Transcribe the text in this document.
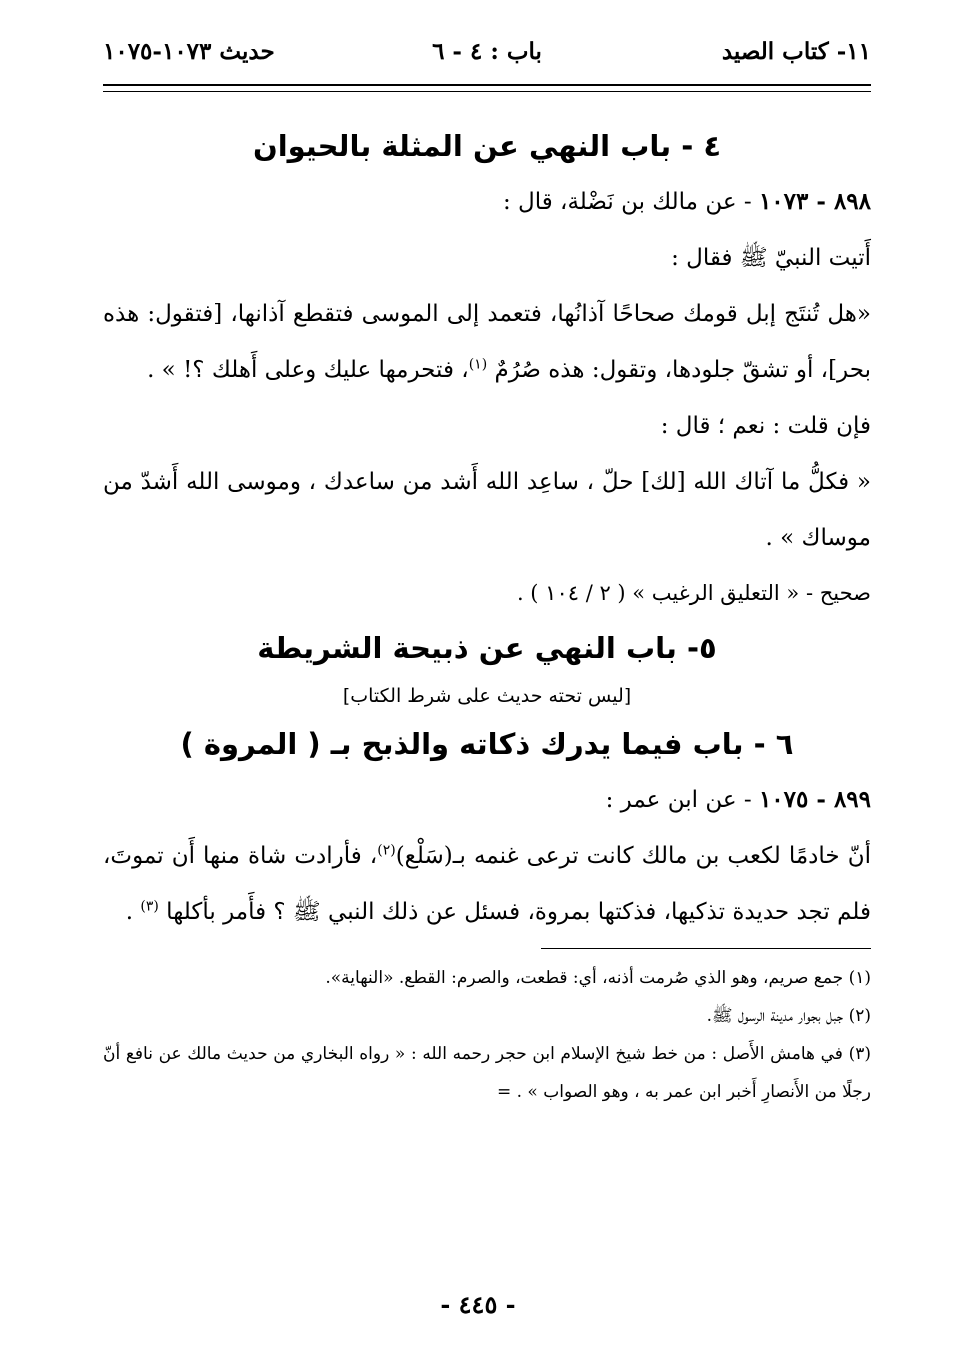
١١- كتاب الصيد
باب : ٤ - ٦
حديث ١٠٧٣-١٠٧٥
٤ - باب النهي عن المثلة بالحيوان

٨٩٨ - ١٠٧٣ - عن مالك بن نَضْلة، قال :

أَتيت النبيّ ﷺ فقال :

«هل تُنتَج إبل قومك صحاحًا آذانُها، فتعمد إلى الموسى فتقطع آذانها، [فتقول: هذه بحر]، أو تشقّ جلودها، وتقول: هذه صُرُمٌ $^{(١)}$، فتحرمها عليك وعلى أَهلك ؟! » .

فإن قلت : نعم ؛ قال :

« فكلُّ ما آتاك الله [لك] حلّ ، ساعِد الله أَشد من ساعدك ، وموسى الله أَشدّ من موساك » .

صحيح - « التعليق الرغيب » ( ٢ / ١٠٤ ) .

٥- باب النهي عن ذبيحة الشريطة
[ليس تحته حديث على شرط الكتاب]
٦ - باب فيما يدرك ذكاته والذبح بـ ( المروة )

٨٩٩ - ١٠٧٥ - عن ابن عمر :

أنّ خادمًا لكعب بن مالك كانت ترعى غنمه بـ(سَلْع)$^{(٢)}$، فأرادت شاة منها أَن تموتَ، فلم تجد حديدة تذكيها، فذكتها بمروة، فسئل عن ذلك النبي ﷺ ؟ فأَمر بأكلها $^{(٣)}$ .

(١) جمع صريم، وهو الذي صُرمت أذنه، أي: قطعت، والصرم: القطع. «النهاية».

(٢) جبل بجوار مدينة الرسول ﷺ.

(٣) في هامش الأَصل : من خط شيخ الإسلام ابن حجر رحمه الله : « رواه البخاري من حديث مالك عن نافع أنّ رجلًا من الأَنصارِ أَخبر ابن عمر به ، وهو الصواب » . =

- ٤٤٥ -
